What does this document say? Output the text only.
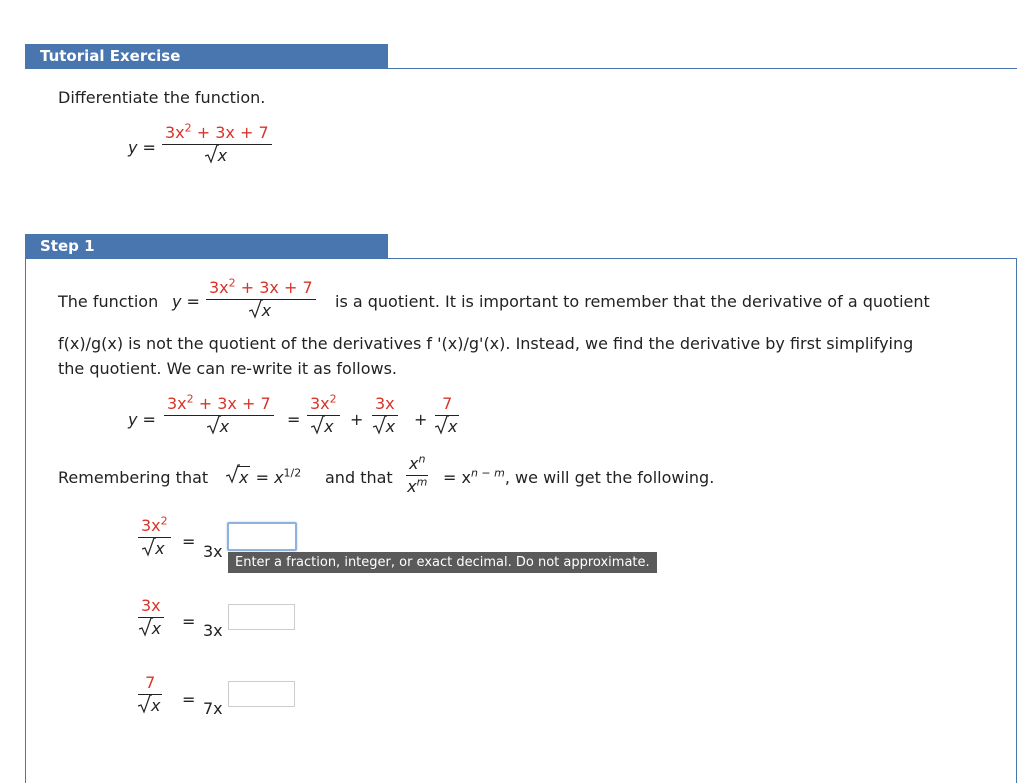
Tutorial Exercise
Differentiate the function.
y =
$3x^2 + 3x + 7$
x
Step 1
The function y =
$3x^2 + 3x + 7$
x	is a quotient. It is important to remember that the derivative of a quotient
f(x)/g(x) is not the quotient of the derivatives f '(x)/g'(x). Instead, we find the derivative by first simplifying
the quotient. We can re-write it as follows.
y =
$3x^2 + 3x + 7$
x	=
$3x^2$
x +
3x
x +
7
x
Remembering that	$x = x^{1/2}$ and that
$x^n$
$x^m = x^{n - m}$, we will get the following.
$3x^2$
x =
3x
Enter a fraction, integer, or exact decimal. Do not approximate.
3x
x = 3x
7
x = 7x
